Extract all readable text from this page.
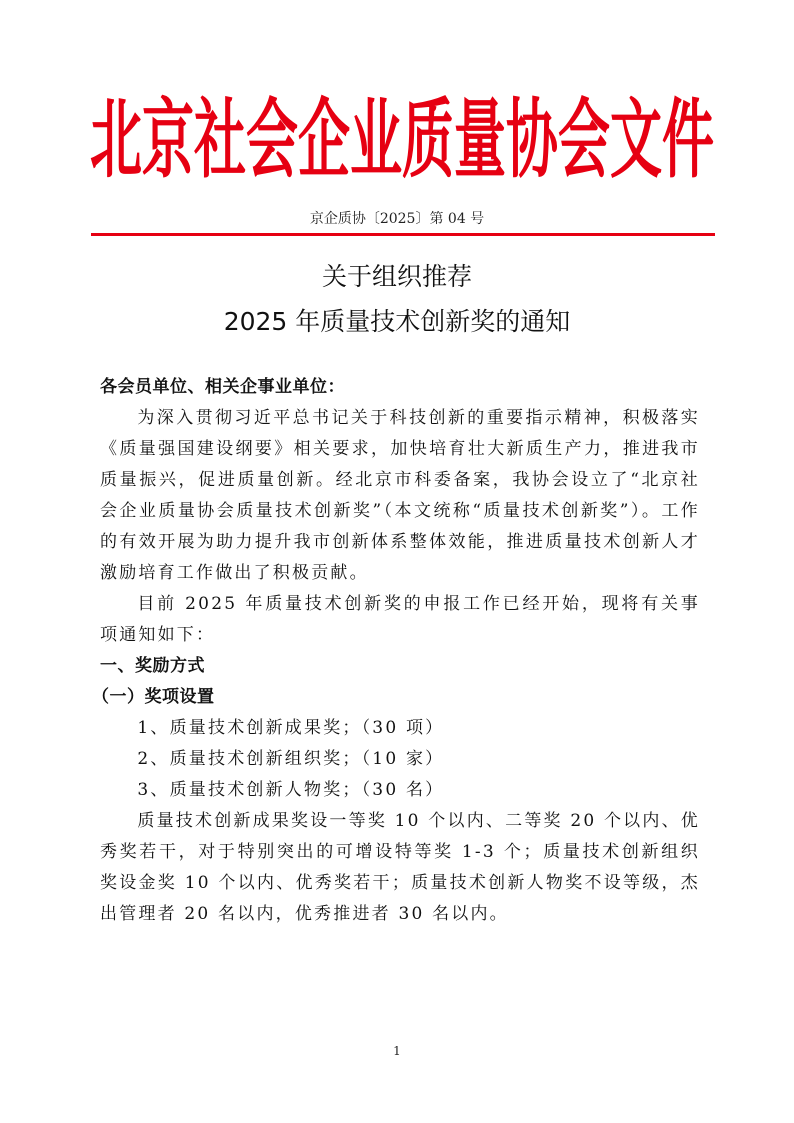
北京社会企业质量协会文件
京企质协〔2025〕第 04 号
关于组织推荐
2025 年质量技术创新奖的通知
各会员单位、相关企事业单位：

为深入贯彻习近平总书记关于科技创新的重要指示精神，积极落实《质量强国建设纲要》相关要求，加快培育壮大新质生产力，推进我市质量振兴，促进质量创新。经北京市科委备案，我协会设立了“北京社会企业质量协会质量技术创新奖”（本文统称“质量技术创新奖”）。工作的有效开展为助力提升我市创新体系整体效能，推进质量技术创新人才激励培育工作做出了积极贡献。

目前 2025 年质量技术创新奖的申报工作已经开始，现将有关事项通知如下：

一、奖励方式
（一）奖项设置

1、质量技术创新成果奖；（30 项）

2、质量技术创新组织奖；（10 家）

3、质量技术创新人物奖；（30 名）

质量技术创新成果奖设一等奖 10 个以内、二等奖 20 个以内、优秀奖若干，对于特别突出的可增设特等奖 1-3 个；质量技术创新组织奖设金奖 10 个以内、优秀奖若干；质量技术创新人物奖不设等级，杰出管理者 20 名以内，优秀推进者 30 名以内。

1
